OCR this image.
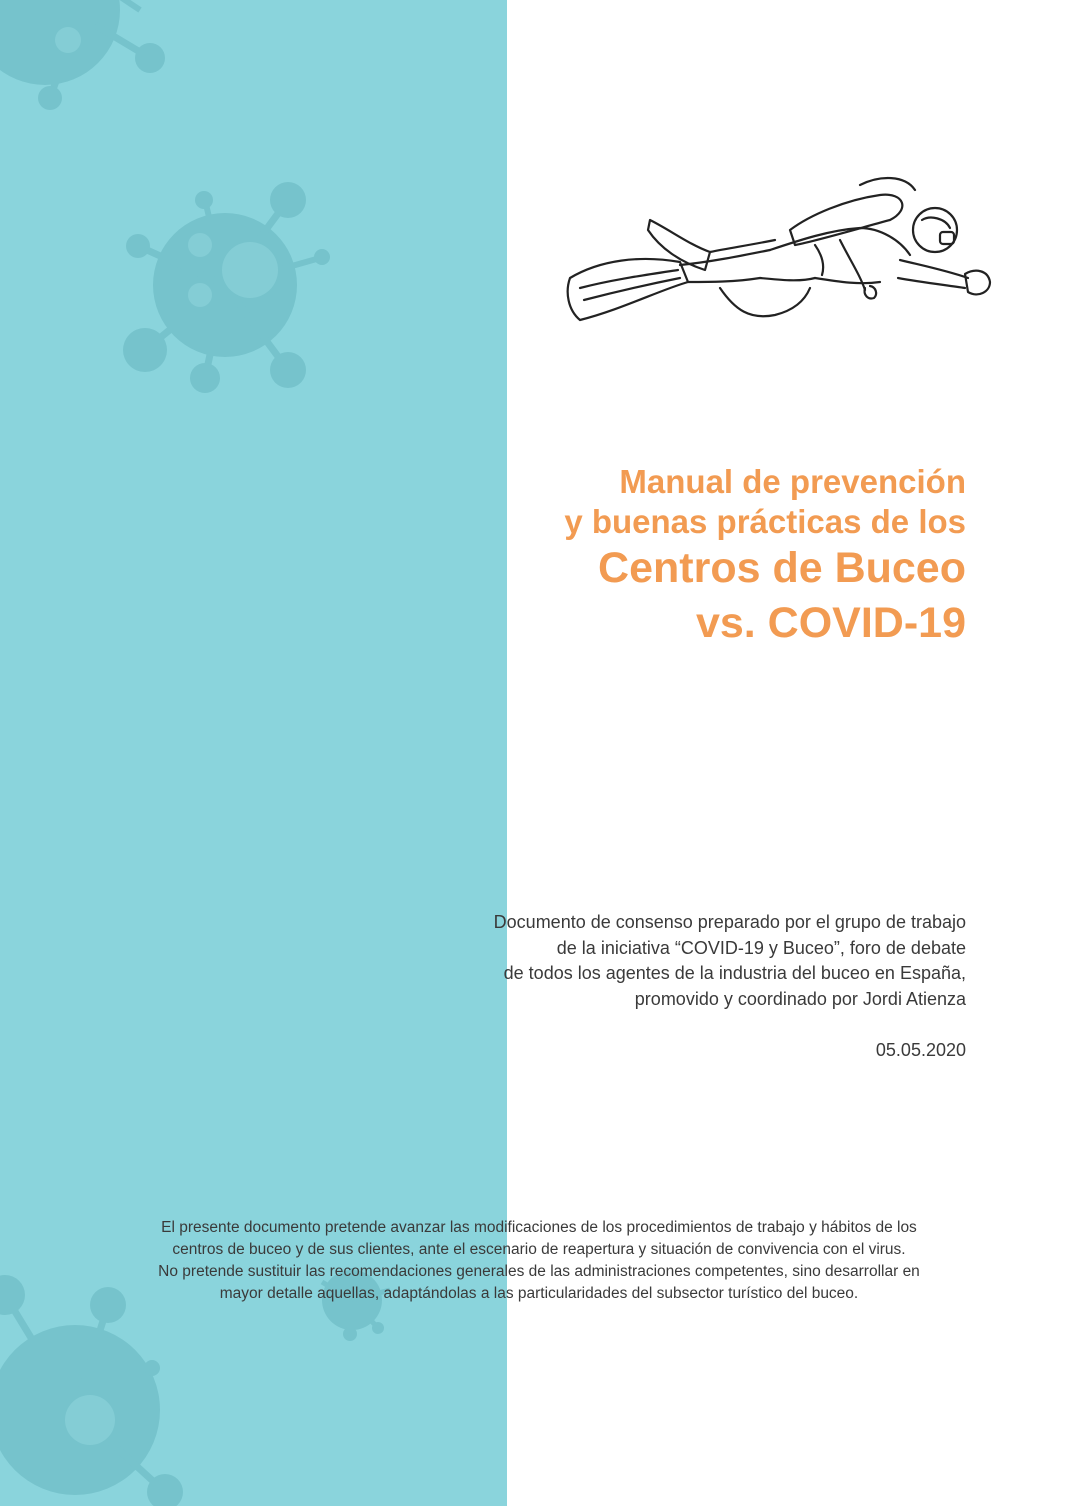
Manual de prevención
y buenas prácticas de los
Centros de Buceo
vs. COVID-19
Documento de consenso preparado por el grupo de trabajo
de la iniciativa “COVID-19 y Buceo”, foro de debate
de todos los agentes de la industria del buceo en España,
promovido y coordinado por Jordi Atienza
05.05.2020
El presente documento pretende avanzar las modificaciones de los procedimientos de trabajo y hábitos de los
centros de buceo y de sus clientes, ante el escenario de reapertura y situación de convivencia con el virus.
No pretende sustituir las recomendaciones generales de las administraciones competentes, sino desarrollar en
mayor detalle aquellas, adaptándolas a las particularidades del subsector turístico del buceo.
